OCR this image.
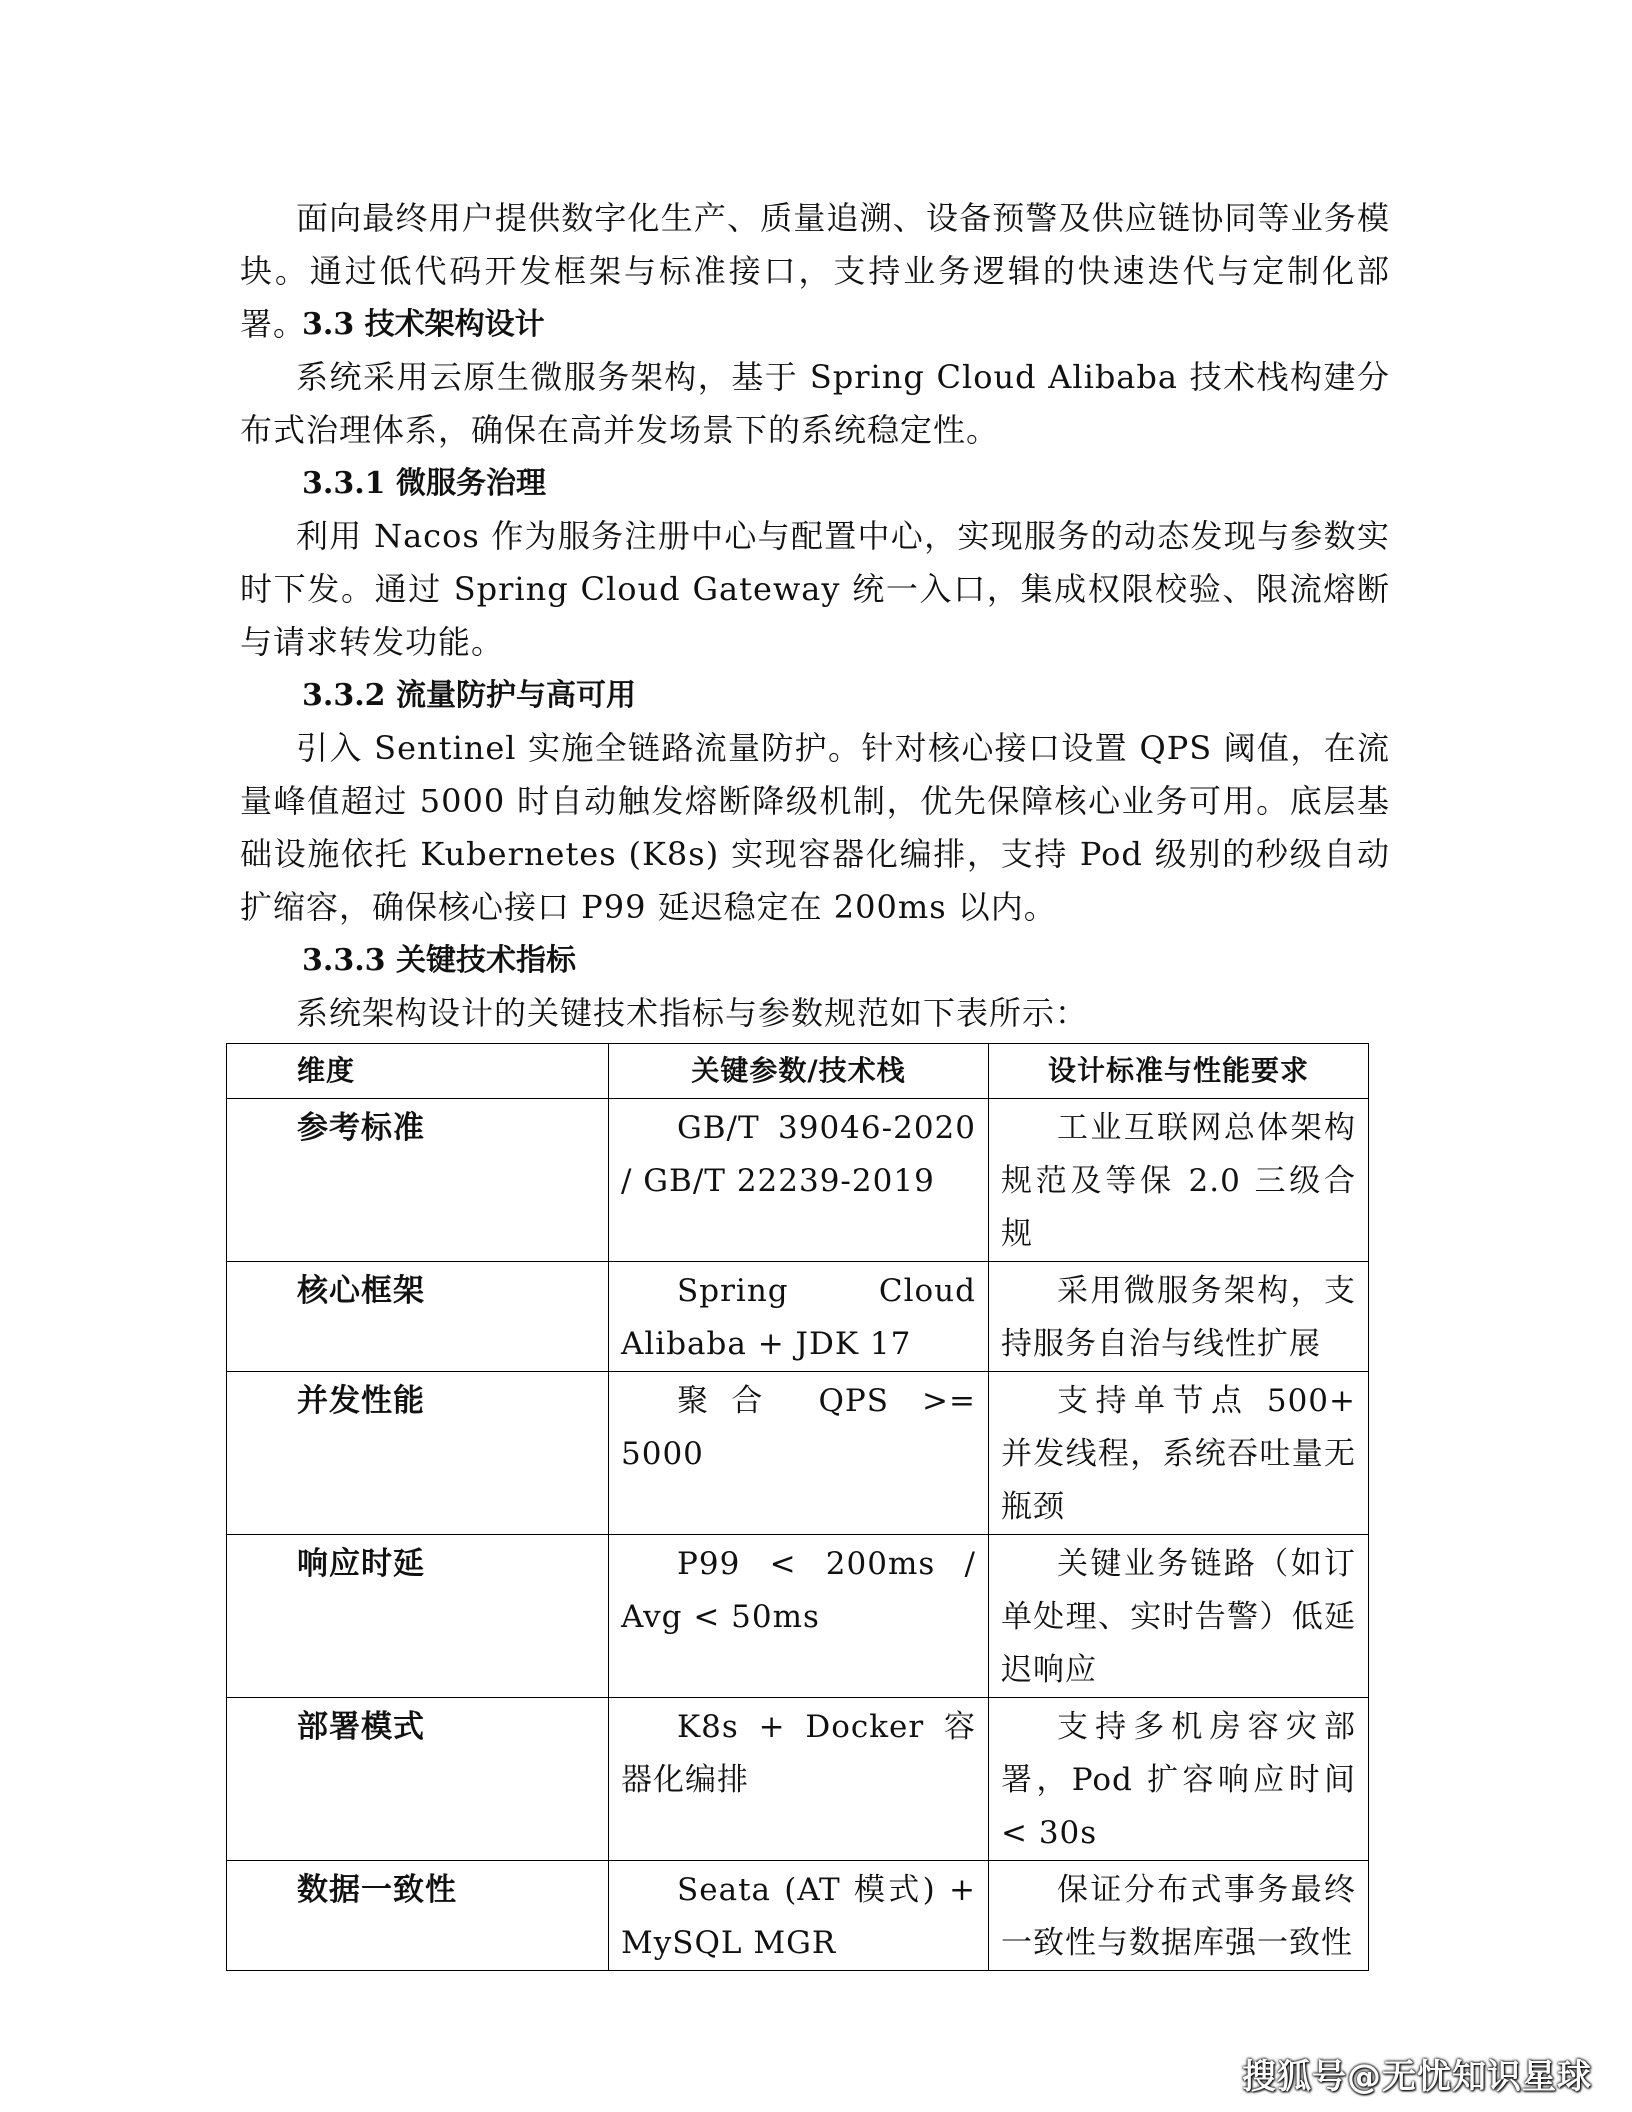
面向最终用户提供数字化生产、质量追溯、设备预警及供应链协同等业务模块。通过低代码开发框架与标准接口，支持业务逻辑的快速迭代与定制化部署。

3.3 技术架构设计

系统采用云原生微服务架构，基于 Spring Cloud Alibaba 技术栈构建分布式治理体系，确保在高并发场景下的系统稳定性。

3.3.1 微服务治理

利用 Nacos 作为服务注册中心与配置中心，实现服务的动态发现与参数实时下发。通过 Spring Cloud Gateway 统一入口，集成权限校验、限流熔断与请求转发功能。

3.3.2 流量防护与高可用

引入 Sentinel 实施全链路流量防护。针对核心接口设置 QPS 阈值，在流量峰值超过 5000 时自动触发熔断降级机制，优先保障核心业务可用。底层基础设施依托 Kubernetes (K8s) 实现容器化编排，支持 Pod 级别的秒级自动扩缩容，确保核心接口 P99 延迟稳定在 200ms 以内。

3.3.3 关键技术指标

系统架构设计的关键技术指标与参数规范如下表所示：

维度	关键参数/技术栈	设计标准与性能要求
参考标准	GB/T 39046-2020 / GB/T 22239-2019	工业互联网总体架构规范及等保 2.0 三级合规
核心框架	Spring Cloud Alibaba + JDK 17	采用微服务架构，支持服务自治与线性扩展
并发性能	聚合 QPS >= 5000	支持单节点 500+ 并发线程，系统吞吐量无瓶颈
响应时延	P99 < 200ms / Avg < 50ms	关键业务链路（如订单处理、实时告警）低延迟响应
部署模式	K8s + Docker 容器化编排	支持多机房容灾部署，Pod 扩容响应时间 < 30s
数据一致性	Seata (AT 模式) + MySQL MGR	保证分布式事务最终一致性与数据库强一致性
搜狐号@无忧知识星球
